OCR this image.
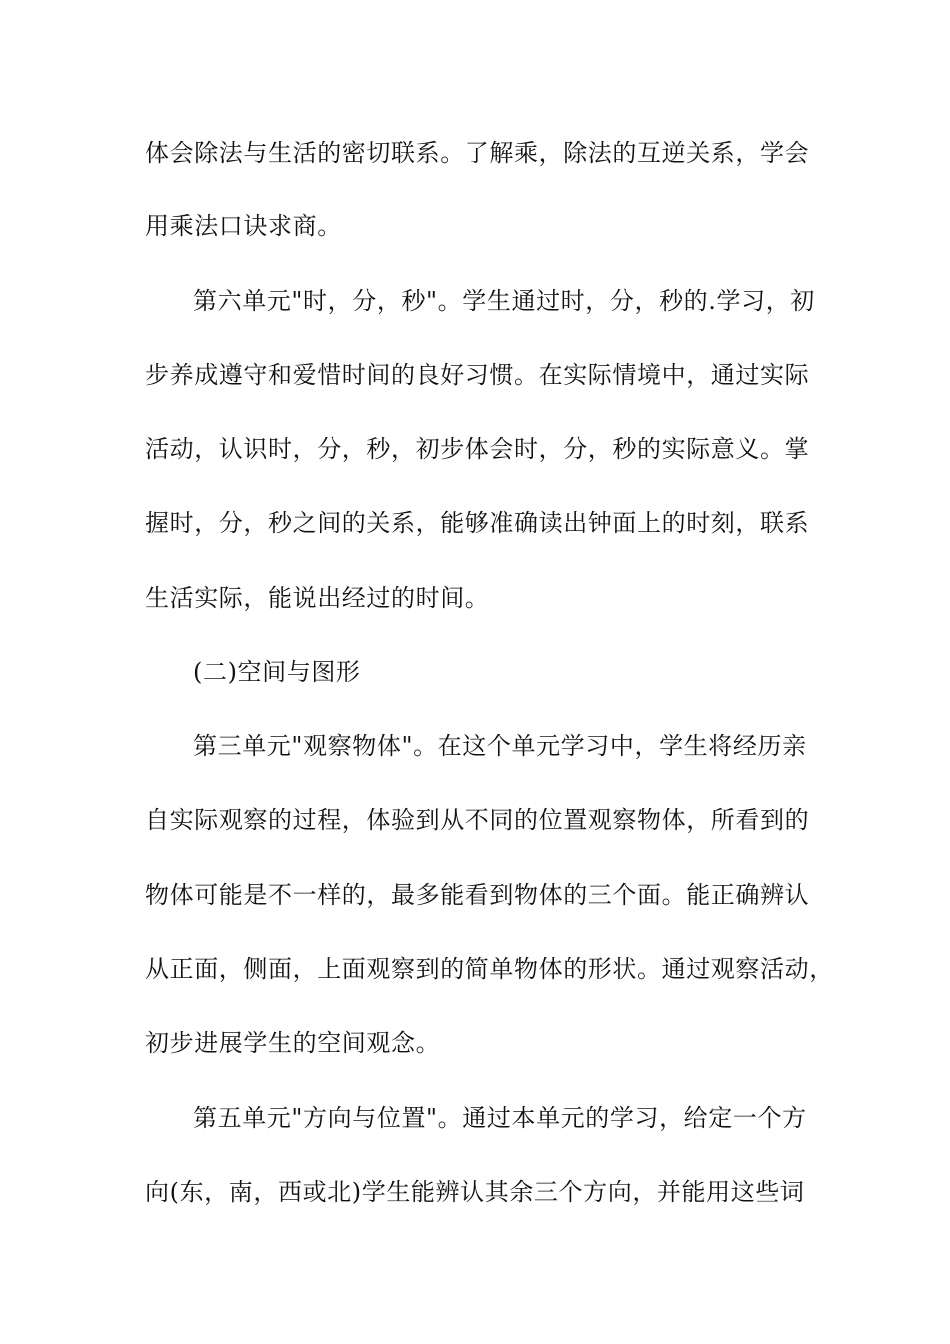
体会除法与生活的密切联系。了解乘，除法的互逆关系，学会

用乘法口诀求商。

第六单元"时，分，秒"。学生通过时，分，秒的.学习，初

步养成遵守和爱惜时间的良好习惯。在实际情境中，通过实际

活动，认识时，分，秒，初步体会时，分，秒的实际意义。掌

握时，分，秒之间的关系，能够准确读出钟面上的时刻，联系

生活实际，能说出经过的时间。

(二)空间与图形

第三单元"观察物体"。在这个单元学习中，学生将经历亲

自实际观察的过程，体验到从不同的位置观察物体，所看到的

物体可能是不一样的，最多能看到物体的三个面。能正确辨认

从正面，侧面，上面观察到的简单物体的形状。通过观察活动，

初步进展学生的空间观念。

第五单元"方向与位置"。通过本单元的学习，给定一个方

向(东，南，西或北)学生能辨认其余三个方向，并能用这些词
